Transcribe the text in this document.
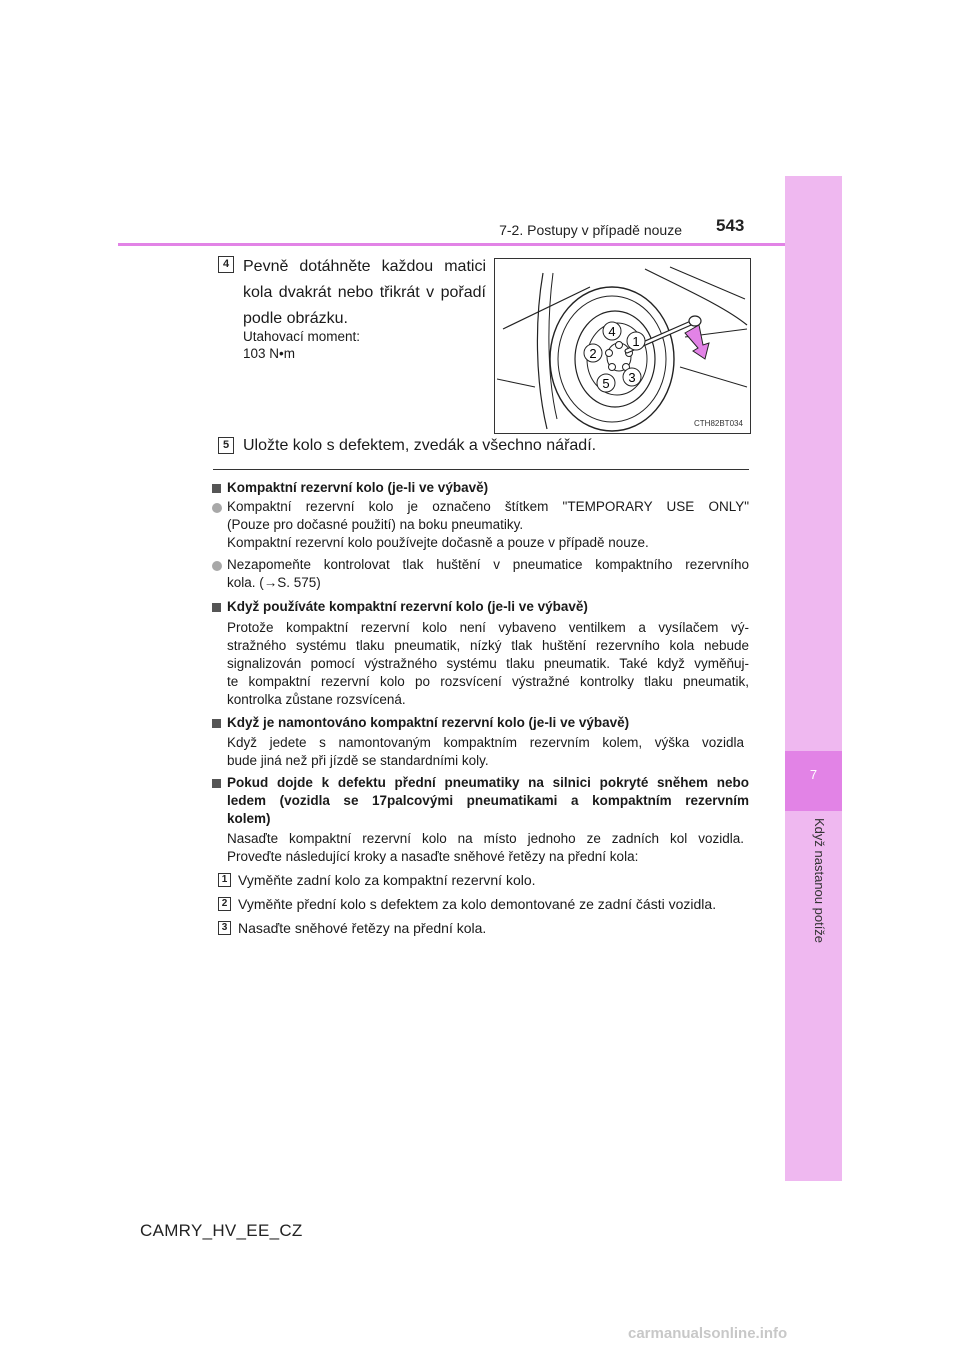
7
Když nastanou potíže
7-2. Postupy v případě nouze 543
4 Pevně dotáhněte každou matici
kola dvakrát nebo třikrát v pořadí
podle obrázku.
Utahovací moment:
103 N•m
1
2
3
4
5
CTH82BT034
5 Uložte kolo s defektem, zvedák a všechno nářadí.
Kompaktní rezervní kolo (je-li ve výbavě)
Kompaktní rezervní kolo je označeno štítkem "TEMPORARY USE ONLY"
(Pouze pro dočasné použití) na boku pneumatiky.
Kompaktní rezervní kolo používejte dočasně a pouze v případě nouze.
Nezapomeňte kontrolovat tlak huštění v pneumatice kompaktního rezervního
kola. (→S. 575)
Když používáte kompaktní rezervní kolo (je-li ve výbavě)
Protože kompaktní rezervní kolo není vybaveno ventilkem a vysílačem vý-
stražného systému tlaku pneumatik, nízký tlak huštění rezervního kola nebude
signalizován pomocí výstražného systému tlaku pneumatik. Také když vyměňuj-
te kompaktní rezervní kolo po rozsvícení výstražné kontrolky tlaku pneumatik,
kontrolka zůstane rozsvícená.
Když je namontováno kompaktní rezervní kolo (je-li ve výbavě)
Když jedete s namontovaným kompaktním rezervním kolem, výška vozidla
bude jiná než při jízdě se standardními koly.
Pokud dojde k defektu přední pneumatiky na silnici pokryté sněhem nebo
ledem (vozidla se 17palcovými pneumatikami a kompaktním rezervním
kolem)
Nasaďte kompaktní rezervní kolo na místo jednoho ze zadních kol vozidla.
Proveďte následující kroky a nasaďte sněhové řetězy na přední kola:
1 Vyměňte zadní kolo za kompaktní rezervní kolo.
2 Vyměňte přední kolo s defektem za kolo demontované ze zadní části vozidla.
3 Nasaďte sněhové řetězy na přední kola.
CAMRY_HV_EE_CZ
carmanualsonline.info
